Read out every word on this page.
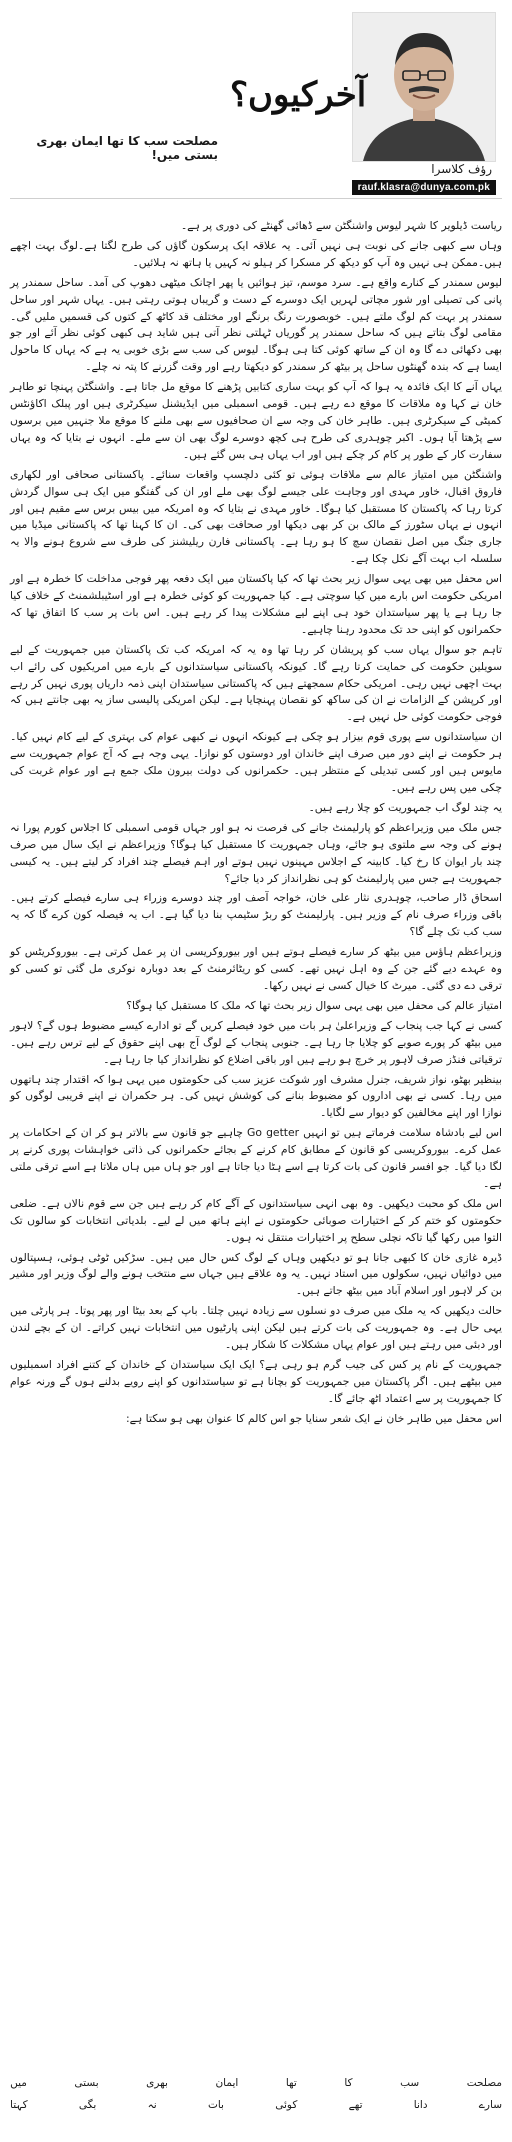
آخرکیوں؟
رؤف کلاسرا
rauf.klasra@dunya.com.pk
مصلحت سب کا تھا ایمان بھری بستی میں!

ریاست ڈیلویر کا شہر لیوس واشنگٹن سے ڈھائی گھنٹے کی دوری پر ہے۔

وہاں سے کبھی جانے کی نوبت ہی نہیں آئی۔ یہ علاقہ ایک پرسکون گاؤں کی طرح لگتا ہے۔لوگ بہت اچھے ہیں۔ممکن ہی نہیں وہ آپ کو دیکھ کر مسکرا کر ہیلو نہ کہیں یا ہاتھ نہ ہلائیں۔

لیوس سمندر کے کنارے واقع ہے۔ سرد موسم، تیز ہوائیں یا پھر اچانک میٹھی دھوپ کی آمد۔ ساحل سمندر پر پانی کی تصیلی اور شور مچاتی لہریں ایک دوسرے کے دست و گریباں ہوتی رہتی ہیں۔ یہاں شہر اور ساحل سمندر پر بہت کم لوگ ملتے ہیں۔ خوبصورت رنگ برنگے اور مختلف قد کاٹھ کے کتوں کی قسمیں ملیں گی۔ مقامی لوگ بتاتے ہیں کہ ساحل سمندر پر گوریاں ٹہلتی نظر آتی ہیں شاید ہی کبھی کوئی نظر آئے اور جو بھی دکھائی دے گا وہ ان کے ساتھ کوئی کتا ہی ہوگا۔ لیوس کی سب سے بڑی خوبی یہ ہے کہ یہاں کا ماحول ایسا ہے کہ بندہ گھنٹوں ساحل پر بیٹھ کر سمندر کو دیکھتا رہے اور وقت گزرنے کا پتہ نہ چلے۔

یہاں آنے کا ایک فائدہ یہ ہوا کہ آپ کو بہت ساری کتابیں پڑھنے کا موقع مل جاتا ہے۔ واشنگٹن پہنچا تو طاہر خان نے کہا وہ ملاقات کا موقع دے رہے ہیں۔ قومی اسمبلی میں ایڈیشنل سیکرٹری ہیں اور پبلک اکاؤنٹس کمیٹی کے سیکرٹری ہیں۔ طاہر خان کی وجہ سے ان صحافیوں سے بھی ملنے کا موقع ملا جنہیں میں برسوں سے پڑھتا آیا ہوں۔ اکبر چوہدری کی طرح ہی کچھ دوسرے لوگ بھی ان سے ملے۔ انہوں نے بتایا کہ وہ یہاں سفارت کار کے طور پر کام کر چکے ہیں اور اب یہاں ہی بس گئے ہیں۔

واشنگٹن میں امتیاز عالم سے ملاقات ہوئی تو کئی دلچسپ واقعات سنائے۔ پاکستانی صحافی اور لکھاری فاروق اقبال، خاور مہدی اور وجاہت علی جیسے لوگ بھی ملے اور ان کی گفتگو میں ایک ہی سوال گردش کرتا رہا کہ پاکستان کا مستقبل کیا ہوگا۔ خاور مہدی نے بتایا کہ وہ امریکہ میں بیس برس سے مقیم ہیں اور انہوں نے یہاں سٹورز کے مالک بن کر بھی دیکھا اور صحافت بھی کی۔ ان کا کہنا تھا کہ پاکستانی میڈیا میں جاری جنگ میں اصل نقصان سچ کا ہو رہا ہے۔ پاکستانی فارن ریلیشنز کی طرف سے شروع ہونے والا یہ سلسلہ اب بہت آگے نکل چکا ہے۔

اس محفل میں بھی یہی سوال زیر بحث تھا کہ کیا پاکستان میں ایک دفعہ پھر فوجی مداخلت کا خطرہ ہے اور امریکی حکومت اس بارے میں کیا سوچتی ہے۔ کیا جمہوریت کو کوئی خطرہ ہے اور اسٹیبلشمنٹ کے خلاف کیا جا رہا ہے یا پھر سیاستدان خود ہی اپنے لیے مشکلات پیدا کر رہے ہیں۔ اس بات پر سب کا اتفاق تھا کہ حکمرانوں کو اپنی حد تک محدود رہنا چاہیے۔

تاہم جو سوال یہاں سب کو پریشان کر رہا تھا وہ یہ کہ امریکہ کب تک پاکستان میں جمہوریت کے لیے سویلین حکومت کی حمایت کرتا رہے گا۔ کیونکہ پاکستانی سیاستدانوں کے بارے میں امریکیوں کی رائے اب بہت اچھی نہیں رہی۔ امریکی حکام سمجھتے ہیں کہ پاکستانی سیاستدان اپنی ذمہ داریاں پوری نہیں کر رہے اور کرپشن کے الزامات نے ان کی ساکھ کو نقصان پہنچایا ہے۔ لیکن امریکی پالیسی ساز یہ بھی جانتے ہیں کہ فوجی حکومت کوئی حل نہیں ہے۔

ان سیاستدانوں سے پوری قوم بیزار ہو چکی ہے کیونکہ انہوں نے کبھی عوام کی بہتری کے لیے کام نہیں کیا۔ ہر حکومت نے اپنے دور میں صرف اپنے خاندان اور دوستوں کو نوازا۔ یہی وجہ ہے کہ آج عوام جمہوریت سے مایوس ہیں اور کسی تبدیلی کے منتظر ہیں۔ حکمرانوں کی دولت بیرون ملک جمع ہے اور عوام غربت کی چکی میں پس رہے ہیں۔

یہ چند لوگ اب جمہوریت کو چلا رہے ہیں۔

جس ملک میں وزیراعظم کو پارلیمنٹ جانے کی فرصت نہ ہو اور جہاں قومی اسمبلی کا اجلاس کورم پورا نہ ہونے کی وجہ سے ملتوی ہو جائے، وہاں جمہوریت کا مستقبل کیا ہوگا؟ وزیراعظم نے ایک سال میں صرف چند بار ایوان کا رخ کیا۔ کابینہ کے اجلاس مہینوں نہیں ہوتے اور اہم فیصلے چند افراد کر لیتے ہیں۔ یہ کیسی جمہوریت ہے جس میں پارلیمنٹ کو ہی نظرانداز کر دیا جائے؟

اسحاق ڈار صاحب، چوہدری نثار علی خان، خواجہ آصف اور چند دوسرے وزراء ہی سارے فیصلے کرتے ہیں۔ باقی وزراء صرف نام کے وزیر ہیں۔ پارلیمنٹ کو ربڑ سٹیمپ بنا دیا گیا ہے۔ اب یہ فیصلہ کون کرے گا کہ یہ سب کب تک چلے گا؟

وزیراعظم ہاؤس میں بیٹھ کر سارے فیصلے ہوتے ہیں اور بیوروکریسی ان پر عمل کرتی ہے۔ بیوروکریٹس کو وہ عہدے دیے گئے جن کے وہ اہل نہیں تھے۔ کسی کو ریٹائرمنٹ کے بعد دوبارہ نوکری مل گئی تو کسی کو ترقی دے دی گئی۔ میرٹ کا خیال کسی نے نہیں رکھا۔

امتیاز عالم کی محفل میں بھی یہی سوال زیر بحث تھا کہ ملک کا مستقبل کیا ہوگا؟

کسی نے کہا جب پنجاب کے وزیراعلیٰ ہر بات میں خود فیصلے کریں گے تو ادارے کیسے مضبوط ہوں گے؟ لاہور میں بیٹھ کر پورے صوبے کو چلایا جا رہا ہے۔ جنوبی پنجاب کے لوگ آج بھی اپنے حقوق کے لیے ترس رہے ہیں۔ ترقیاتی فنڈز صرف لاہور پر خرچ ہو رہے ہیں اور باقی اضلاع کو نظرانداز کیا جا رہا ہے۔

بینظیر بھٹو، نواز شریف، جنرل مشرف اور شوکت عزیز سب کی حکومتوں میں یہی ہوا کہ اقتدار چند ہاتھوں میں رہا۔ کسی نے بھی اداروں کو مضبوط بنانے کی کوشش نہیں کی۔ ہر حکمران نے اپنے قریبی لوگوں کو نوازا اور اپنے مخالفین کو دیوار سے لگایا۔

اس لیے بادشاہ سلامت فرماتے ہیں تو انہیں Go getter چاہیے جو قانون سے بالاتر ہو کر ان کے احکامات پر عمل کرے۔ بیوروکریسی کو قانون کے مطابق کام کرنے کے بجائے حکمرانوں کی ذاتی خواہشات پوری کرنے پر لگا دیا گیا۔ جو افسر قانون کی بات کرتا ہے اسے ہٹا دیا جاتا ہے اور جو ہاں میں ہاں ملاتا ہے اسے ترقی ملتی ہے۔

اس ملک کو محبت دیکھیں۔ وہ بھی انہی سیاستدانوں کے آگے کام کر رہے ہیں جن سے قوم نالاں ہے۔ ضلعی حکومتوں کو ختم کر کے اختیارات صوبائی حکومتوں نے اپنے ہاتھ میں لے لیے۔ بلدیاتی انتخابات کو سالوں تک التوا میں رکھا گیا تاکہ نچلی سطح پر اختیارات منتقل نہ ہوں۔

ڈیرہ غازی خان کا کبھی جانا ہو تو دیکھیں وہاں کے لوگ کس حال میں ہیں۔ سڑکیں ٹوٹی ہوئی، ہسپتالوں میں دوائیاں نہیں، سکولوں میں استاد نہیں۔ یہ وہ علاقے ہیں جہاں سے منتخب ہونے والے لوگ وزیر اور مشیر بن کر لاہور اور اسلام آباد میں بیٹھ جاتے ہیں۔

حالت دیکھیں کہ یہ ملک میں صرف دو نسلوں سے زیادہ نہیں چلتا۔ باپ کے بعد بیٹا اور پھر پوتا۔ ہر پارٹی میں یہی حال ہے۔ وہ جمہوریت کی بات کرتے ہیں لیکن اپنی پارٹیوں میں انتخابات نہیں کراتے۔ ان کے بچے لندن اور دبئی میں رہتے ہیں اور عوام یہاں مشکلات کا شکار ہیں۔

جمہوریت کے نام پر کس کی جیب گرم ہو رہی ہے؟ ایک ایک سیاستدان کے خاندان کے کتنے افراد اسمبلیوں میں بیٹھے ہیں۔ اگر پاکستان میں جمہوریت کو بچانا ہے تو سیاستدانوں کو اپنے رویے بدلنے ہوں گے ورنہ عوام کا جمہوریت پر سے اعتماد اٹھ جائے گا۔

اس محفل میں طاہر خان نے ایک شعر سنایا جو اس کالم کا عنوان بھی ہو سکتا ہے:

مصلحت
سب
کا
تھا
ایمان
بھری
بستی
میں
سارے
دانا
تھے
کوئی
بات
نہ
بگی
کہتا
